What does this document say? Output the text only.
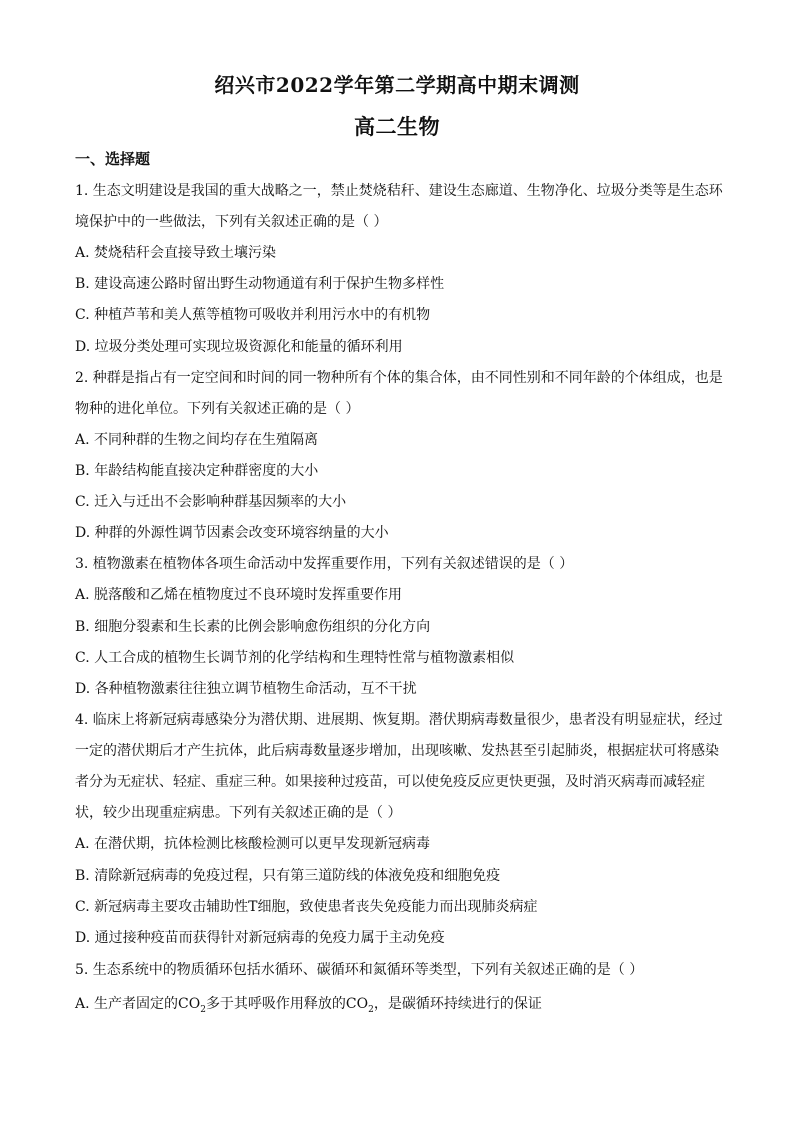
绍兴市2022学年第二学期高中期末调测
高二生物
一、选择题
1. 生态文明建设是我国的重大战略之一，禁止焚烧秸秆、建设生态廊道、生物净化、垃圾分类等是生态环
境保护中的一些做法，下列有关叙述正确的是（ ）
A. 焚烧秸秆会直接导致土壤污染
B. 建设高速公路时留出野生动物通道有利于保护生物多样性
C. 种植芦苇和美人蕉等植物可吸收并利用污水中的有机物
D. 垃圾分类处理可实现垃圾资源化和能量的循环利用
2. 种群是指占有一定空间和时间的同一物种所有个体的集合体，由不同性别和不同年龄的个体组成，也是
物种的进化单位。下列有关叙述正确的是（ ）
A. 不同种群的生物之间均存在生殖隔离
B. 年龄结构能直接决定种群密度的大小
C. 迁入与迁出不会影响种群基因频率的大小
D. 种群的外源性调节因素会改变环境容纳量的大小
3. 植物激素在植物体各项生命活动中发挥重要作用，下列有关叙述错误的是（ ）
A. 脱落酸和乙烯在植物度过不良环境时发挥重要作用
B. 细胞分裂素和生长素的比例会影响愈伤组织的分化方向
C. 人工合成的植物生长调节剂的化学结构和生理特性常与植物激素相似
D. 各种植物激素往往独立调节植物生命活动，互不干扰
4. 临床上将新冠病毒感染分为潜伏期、进展期、恢复期。潜伏期病毒数量很少，患者没有明显症状，经过
一定的潜伏期后才产生抗体，此后病毒数量逐步增加，出现咳嗽、发热甚至引起肺炎，根据症状可将感染
者分为无症状、轻症、重症三种。如果接种过疫苗，可以使免疫反应更快更强，及时消灭病毒而减轻症
状，较少出现重症病患。下列有关叙述正确的是（ ）
A. 在潜伏期，抗体检测比核酸检测可以更早发现新冠病毒
B. 清除新冠病毒的免疫过程，只有第三道防线的体液免疫和细胞免疫
C. 新冠病毒主要攻击辅助性T细胞，致使患者丧失免疫能力而出现肺炎病症
D. 通过接种疫苗而获得针对新冠病毒的免疫力属于主动免疫
5. 生态系统中的物质循环包括水循环、碳循环和氮循环等类型，下列有关叙述正确的是（ ）
A. 生产者固定的$CO_2$多于其呼吸作用释放的$CO_2$，是碳循环持续进行的保证
